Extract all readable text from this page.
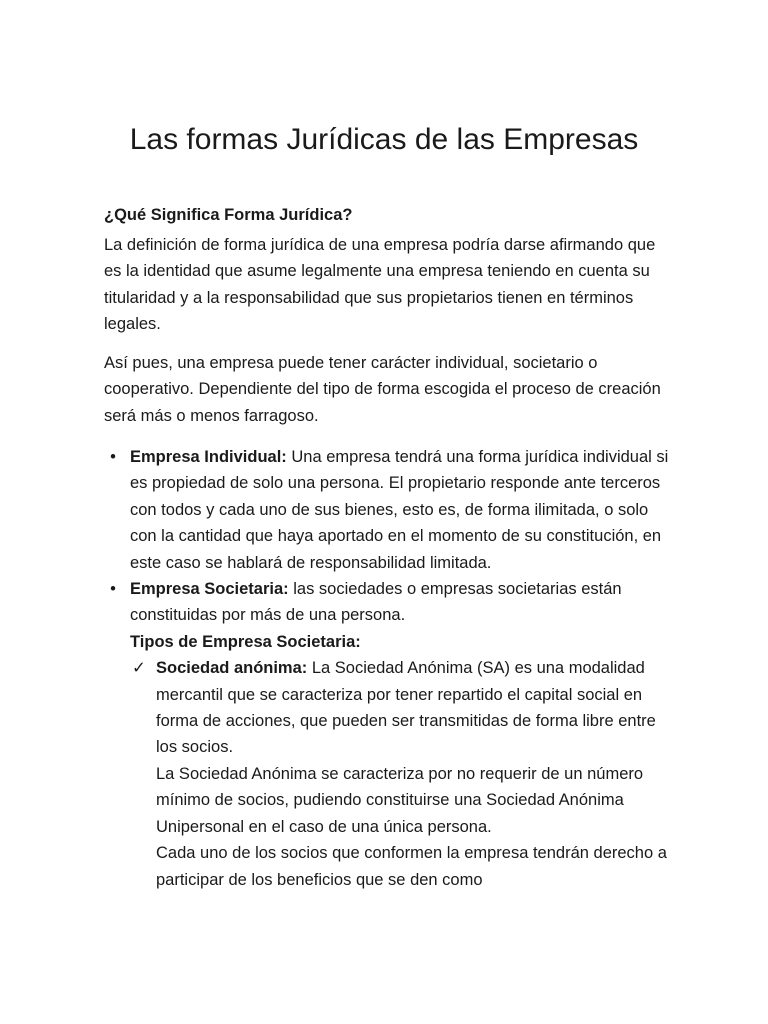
Las formas Jurídicas de las Empresas

¿Qué Significa Forma Jurídica?

La definición de forma jurídica de una empresa podría darse afirmando que es la identidad que asume legalmente una empresa teniendo en cuenta su titularidad y a la responsabilidad que sus propietarios tienen en términos legales.

Así pues, una empresa puede tener carácter individual, societario o cooperativo. Dependiente del tipo de forma escogida el proceso de creación será más o menos farragoso.

• Empresa Individual: Una empresa tendrá una forma jurídica individual si es propiedad de solo una persona. El propietario responde ante terceros con todos y cada uno de sus bienes, esto es, de forma ilimitada, o solo con la cantidad que haya aportado en el momento de su constitución, en este caso se hablará de responsabilidad limitada.
• Empresa Societaria: las sociedades o empresas societarias están constituidas por más de una persona.
Tipos de Empresa Societaria:
✓ Sociedad anónima: La Sociedad Anónima (SA) es una modalidad mercantil que se caracteriza por tener repartido el capital social en forma de acciones, que pueden ser transmitidas de forma libre entre los socios.
La Sociedad Anónima se caracteriza por no requerir de un número mínimo de socios, pudiendo constituirse una Sociedad Anónima Unipersonal en el caso de una única persona.
Cada uno de los socios que conformen la empresa tendrán derecho a participar de los beneficios que se den como
